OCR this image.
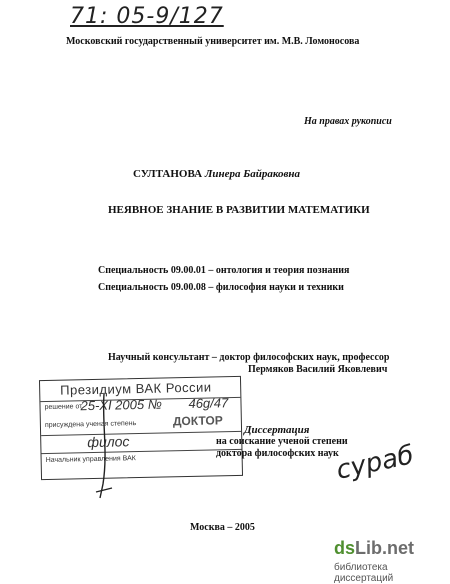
71: 05-9/127
Московский государственный университет им. М.В. Ломоносова
На правах рукописи
СУЛТАНОВА Линера Байраковна
НЕЯВНОЕ ЗНАНИЕ В РАЗВИТИИ МАТЕМАТИКИ
Специальность 09.00.01 – онтология и теория познания
Специальность 09.00.08 – философия науки и техники
Научный консультант – доктор философских наук, профессор
Пермяков Василий Яковлевич
Президиум ВАК России
решение от
25-XI 2005 № 46g/47
присуждена ученая степень	ДОКТОР
филос
Начальник управления ВАК
Диссертация
на соискание ученой степени
доктора философских наук
сураб
Москва – 2005
dsLib.net
библиотека диссертаций
